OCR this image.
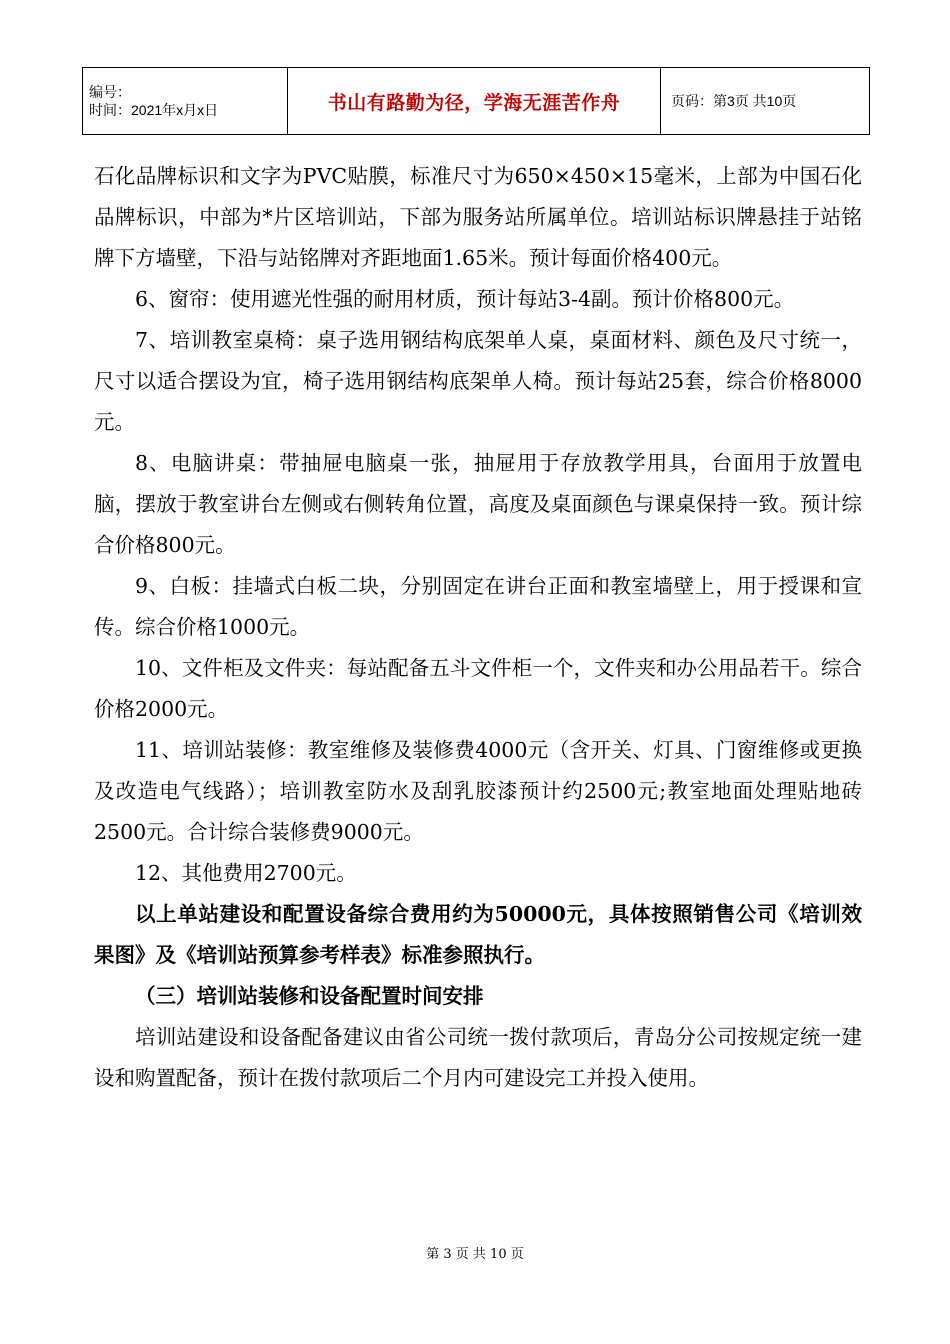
编号：
时间：2021年x月x日	书山有路勤为径，学海无涯苦作舟	页码：第3页 共10页

石化品牌标识和文字为PVC贴膜，标准尺寸为650×450×15毫米，上部为中国石化品牌标识，中部为*片区培训站，下部为服务站所属单位。培训站标识牌悬挂于站铭牌下方墙壁，下沿与站铭牌对齐距地面1.65米。预计每面价格400元。

6、窗帘：使用遮光性强的耐用材质，预计每站3-4副。预计价格800元。

7、培训教室桌椅：桌子选用钢结构底架单人桌，桌面材料、颜色及尺寸统一，尺寸以适合摆设为宜，椅子选用钢结构底架单人椅。预计每站25套，综合价格8000元。

8、电脑讲桌：带抽屉电脑桌一张，抽屉用于存放教学用具，台面用于放置电脑，摆放于教室讲台左侧或右侧转角位置，高度及桌面颜色与课桌保持一致。预计综合价格800元。

9、白板：挂墙式白板二块，分别固定在讲台正面和教室墙壁上，用于授课和宣传。综合价格1000元。

10、文件柜及文件夹：每站配备五斗文件柜一个，文件夹和办公用品若干。综合价格2000元。

11、培训站装修：教室维修及装修费4000元（含开关、灯具、门窗维修或更换及改造电气线路）；培训教室防水及刮乳胶漆预计约2500元;教室地面处理贴地砖2500元。合计综合装修费9000元。

12、其他费用2700元。

以上单站建设和配置设备综合费用约为50000元，具体按照销售公司《培训效果图》及《培训站预算参考样表》标准参照执行。

（三）培训站装修和设备配置时间安排

培训站建设和设备配备建议由省公司统一拨付款项后，青岛分公司按规定统一建设和购置配备，预计在拨付款项后二个月内可建设完工并投入使用。

第 3 页 共 10 页
